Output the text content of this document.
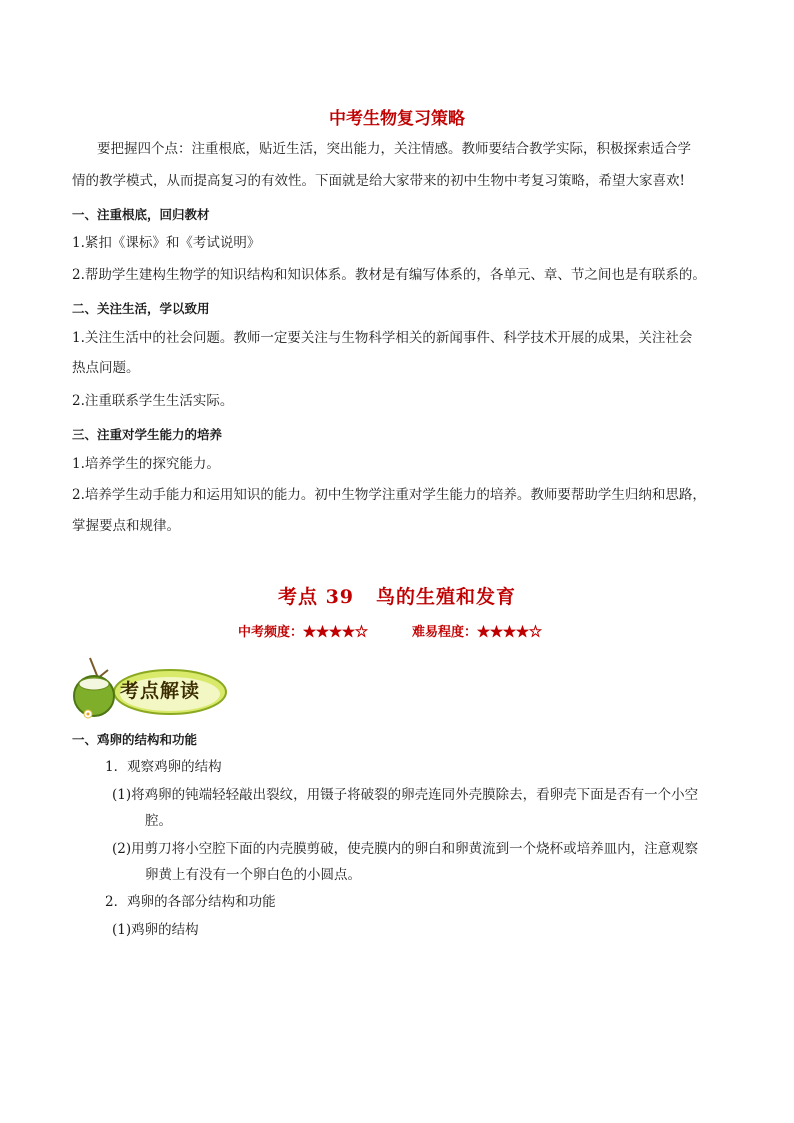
中考生物复习策略
要把握四个点：注重根底，贴近生活，突出能力，关注情感。教师要结合教学实际，积极探索适合学
情的教学模式，从而提高复习的有效性。下面就是给大家带来的初中生物中考复习策略，希望大家喜欢!
一、注重根底，回归教材
1.紧扣《课标》和《考试说明》
2.帮助学生建构生物学的知识结构和知识体系。教材是有编写体系的，各单元、章、节之间也是有联系的。
二、关注生活，学以致用
1.关注生活中的社会问题。教师一定要关注与生物科学相关的新闻事件、科学技术开展的成果，关注社会
热点问题。
2.注重联系学生生活实际。
三、注重对学生能力的培养
1.培养学生的探究能力。
2.培养学生动手能力和运用知识的能力。初中生物学注重对学生能力的培养。教师要帮助学生归纳和思路，
掌握要点和规律。
考点 39 鸟的生殖和发育
中考频度：★★★★☆	难易程度：★★★★☆
考点解读
一、鸡卵的结构和功能
1．观察鸡卵的结构
(1)将鸡卵的钝端轻轻敲出裂纹，用镊子将破裂的卵壳连同外壳膜除去，看卵壳下面是否有一个小空
腔。
(2)用剪刀将小空腔下面的内壳膜剪破，使壳膜内的卵白和卵黄流到一个烧杯或培养皿内，注意观察
卵黄上有没有一个卵白色的小圆点。
2．鸡卵的各部分结构和功能
(1)鸡卵的结构
